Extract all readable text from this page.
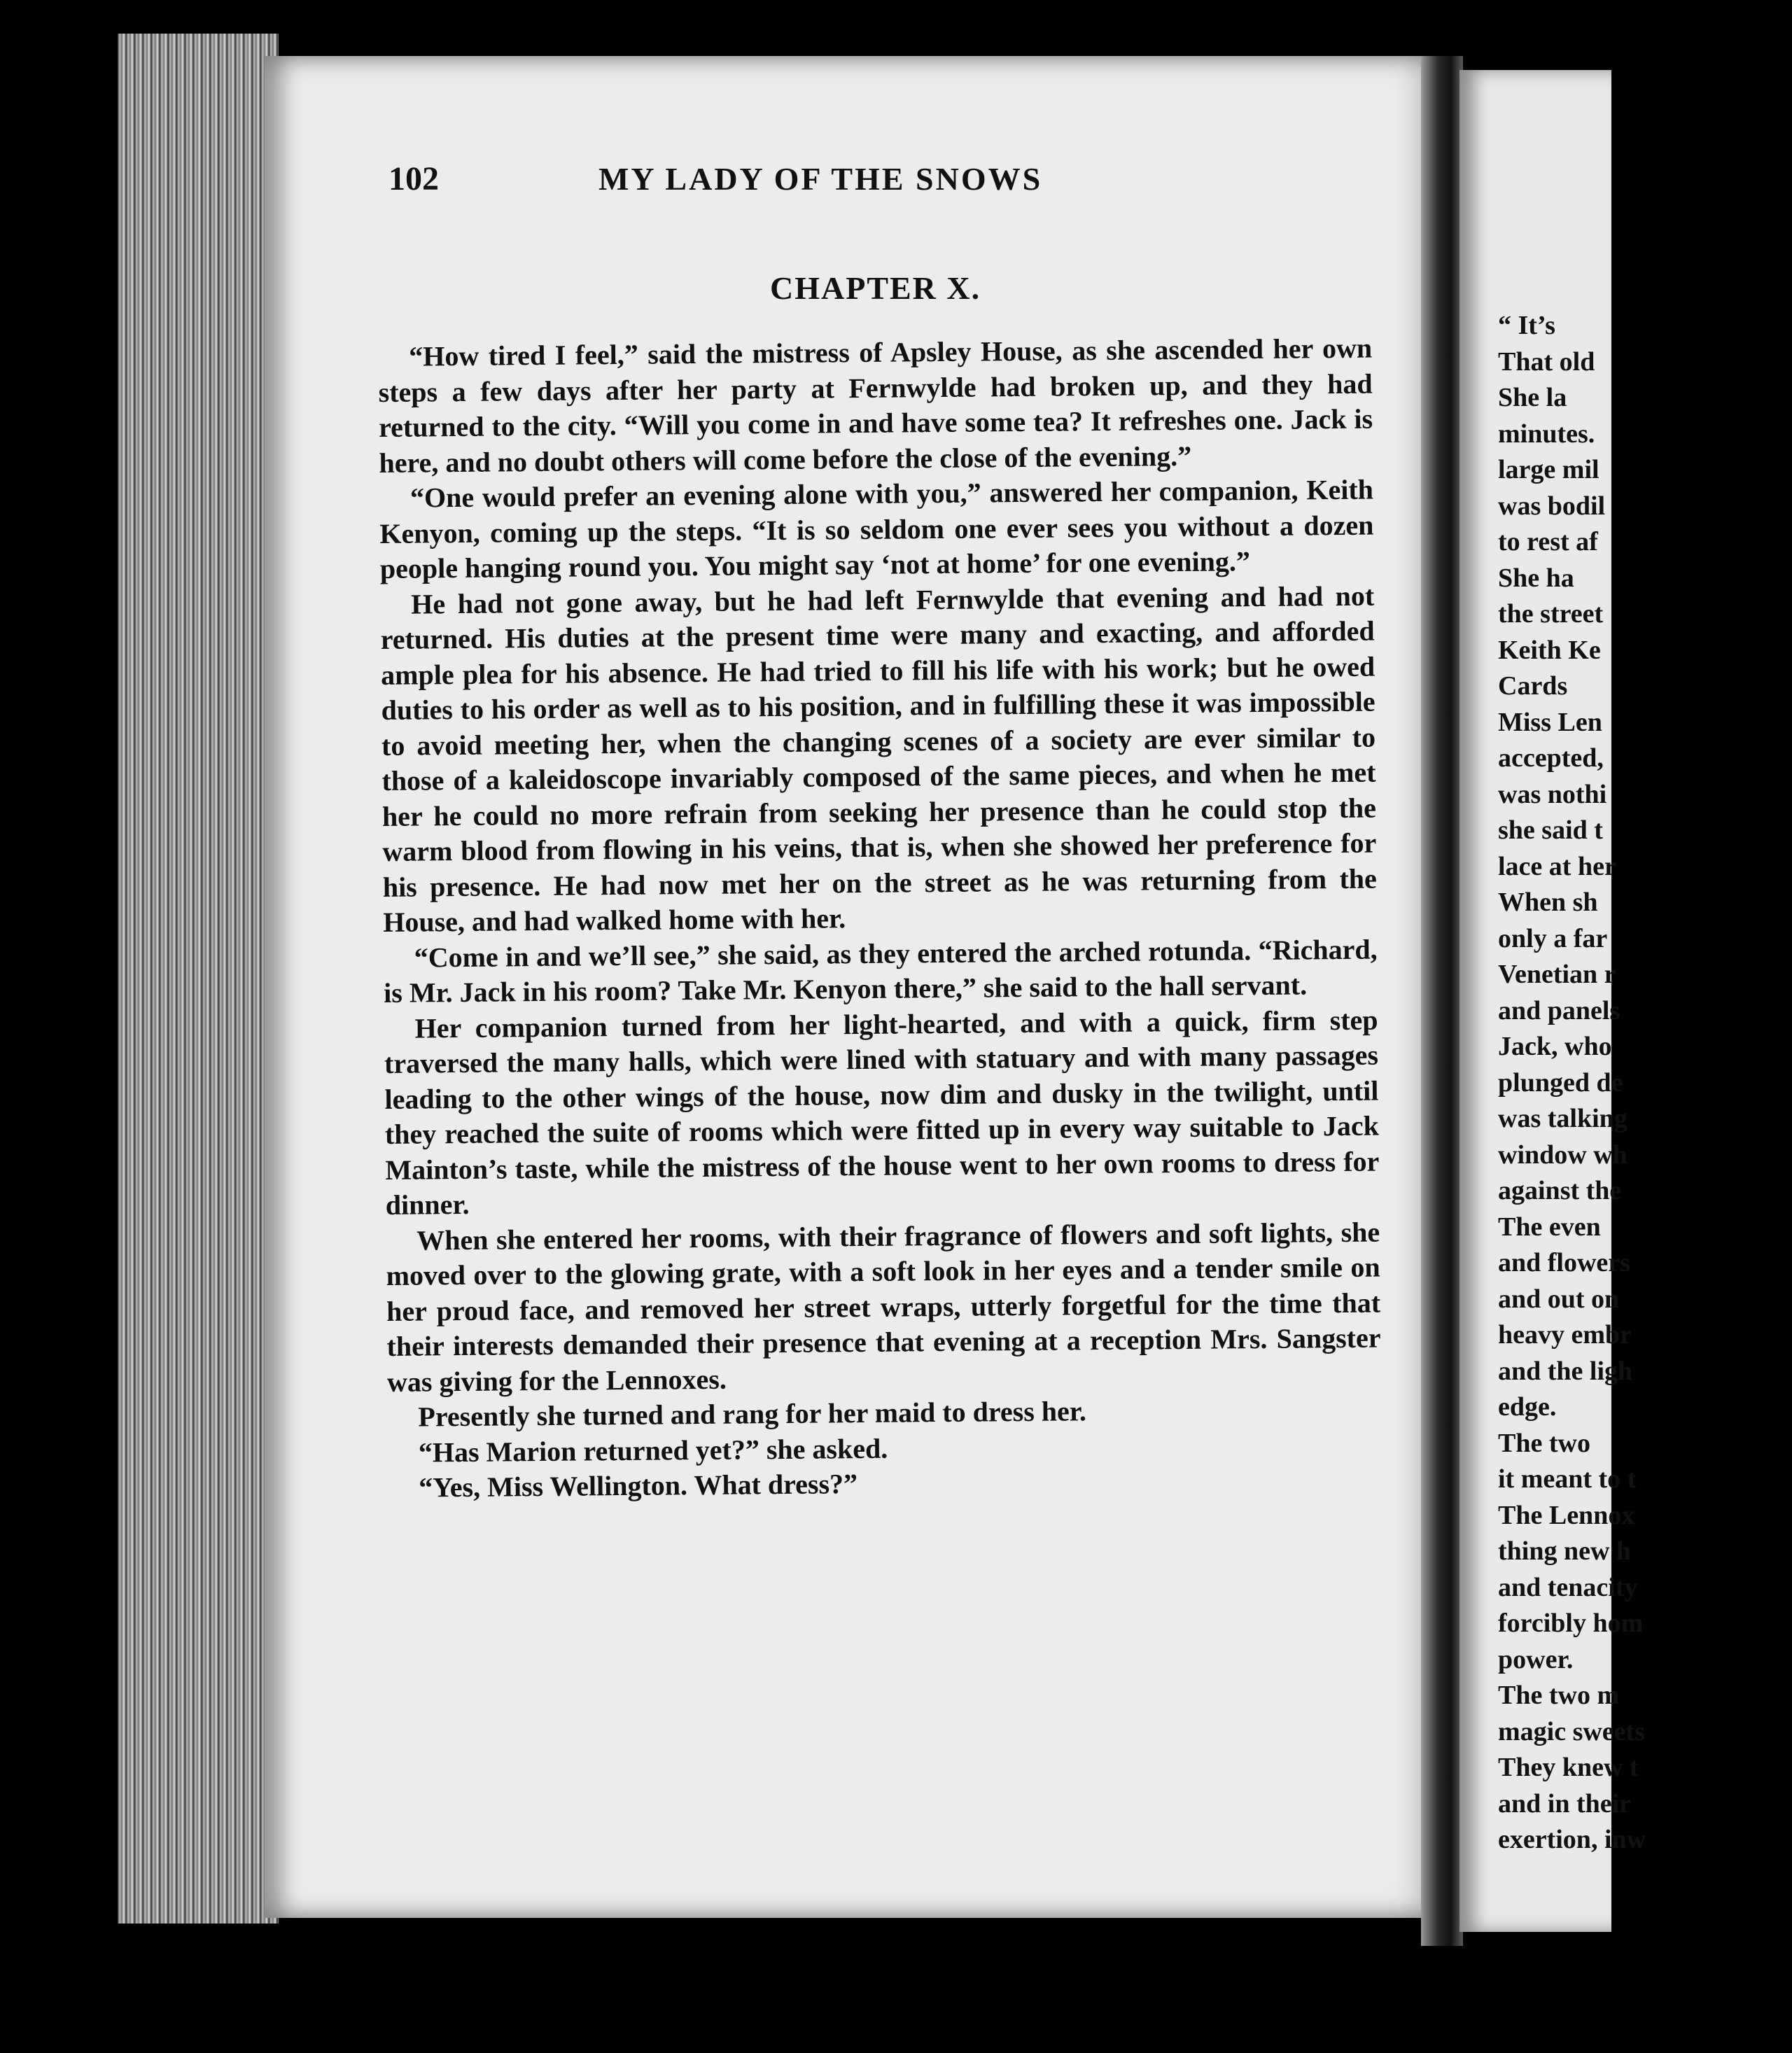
102	MY LADY OF THE SNOWS
CHAPTER X.

“How tired I feel,” said the mistress of Apsley House, as she ascended her own steps a few days after her party at Fernwylde had broken up, and they had returned to the city. “Will you come in and have some tea? It refreshes one. Jack is here, and no doubt others will come before the close of the evening.”

“One would prefer an evening alone with you,” answered her companion, Keith Kenyon, coming up the steps. “It is so seldom one ever sees you without a dozen people hanging round you. You might say ‘not at home’ for one evening.”

He had not gone away, but he had left Fernwylde that evening and had not returned. His duties at the present time were many and exacting, and afforded ample plea for his absence. He had tried to fill his life with his work; but he owed duties to his order as well as to his position, and in fulfilling these it was impossible to avoid meeting her, when the changing scenes of a society are ever similar to those of a kaleidoscope invariably composed of the same pieces, and when he met her he could no more refrain from seeking her presence than he could stop the warm blood from flowing in his veins, that is, when she showed her preference for his presence. He had now met her on the street as he was returning from the House, and had walked home with her.

“Come in and we’ll see,” she said, as they entered the arched rotunda. “Richard, is Mr. Jack in his room? Take Mr. Kenyon there,” she said to the hall servant.

Her companion turned from her light-hearted, and with a quick, firm step traversed the many halls, which were lined with statuary and with many passages leading to the other wings of the house, now dim and dusky in the twilight, until they reached the suite of rooms which were fitted up in every way suitable to Jack Mainton’s taste, while the mistress of the house went to her own rooms to dress for dinner.

When she entered her rooms, with their fragrance of flowers and soft lights, she moved over to the glowing grate, with a soft look in her eyes and a tender smile on her proud face, and removed her street wraps, utterly forgetful for the time that their interests demanded their presence that evening at a reception Mrs. Sangster was giving for the Lennoxes.

Presently she turned and rang for her maid to dress her.

“Has Marion returned yet?” she asked.

“Yes, Miss Wellington. What dress?”

“ It’s
That old
She la
minutes.
large mil
was bodil
to rest af
She ha
the street
Keith Ke
Cards
Miss Len
accepted,
was nothi
she said t
lace at her
When sh
only a far
Venetian r
and panels
Jack, who
plunged de
was talking
window wh
against the
The even
and flowers
and out on
heavy embr
and the ligh
edge.
The two
it meant to t
The Lennox
thing new h
and tenacity
forcibly hom
power.
The two m
magic sweets
They knew t
and in their
exertion, inw
